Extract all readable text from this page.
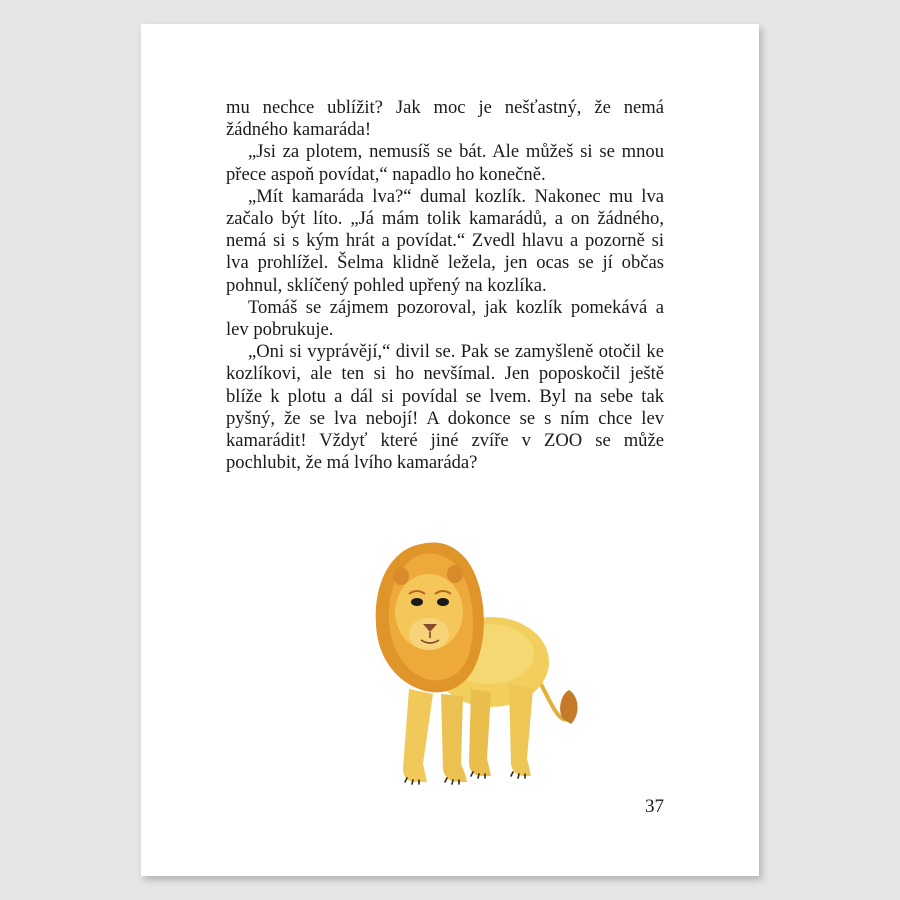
mu nechce ublížit? Jak moc je nešťastný, že nemá žádného kamaráda!

„Jsi za plotem, nemusíš se bát. Ale můžeš si se mnou přece aspoň povídat,“ napadlo ho konečně.

„Mít kamaráda lva?“ dumal kozlík. Nakonec mu lva začalo být líto. „Já mám tolik kamarádů, a on žádného, nemá si s kým hrát a povídat.“ Zvedl hlavu a pozorně si lva prohlížel. Šelma klidně ležela, jen ocas se jí občas pohnul, sklíčený pohled upřený na kozlíka.

Tomáš se zájmem pozoroval, jak kozlík pomekává a lev pobrukuje.

„Oni si vyprávějí,“ divil se. Pak se zamyšleně otočil ke kozlíkovi, ale ten si ho nevšímal. Jen poposkočil ještě blíže k plotu a dál si povídal se lvem. Byl na sebe tak pyšný, že se lva nebojí! A dokonce se s ním chce lev kamarádit! Vždyť které jiné zvíře v ZOO se může pochlubit, že má lvího kamaráda?

37
